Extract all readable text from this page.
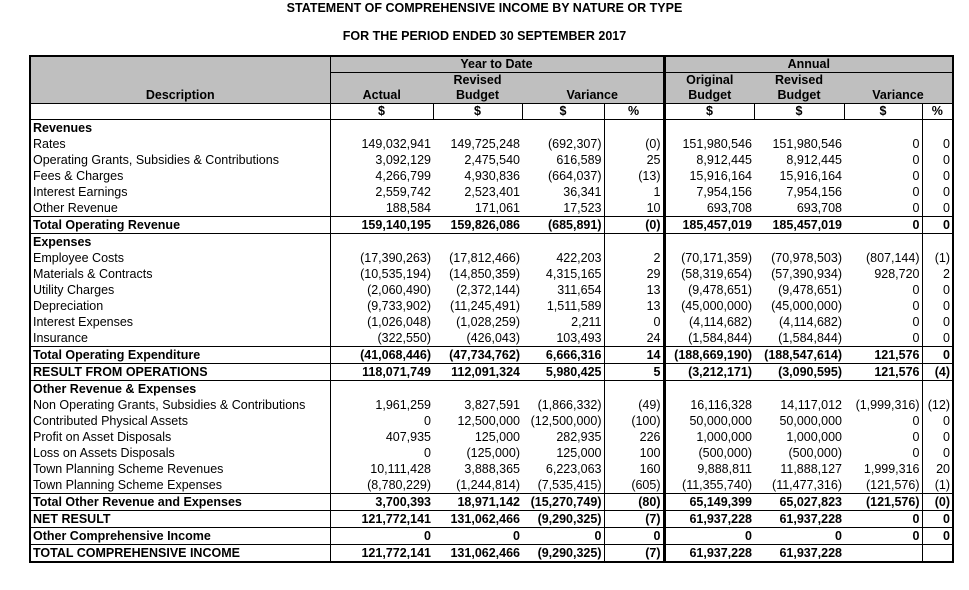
STATEMENT OF COMPREHENSIVE INCOME BY NATURE OR TYPE
FOR THE PERIOD ENDED 30 SEPTEMBER 2017
Description	Year to Date				Annual			
		Revised			Original	Revised		
	Actual	Budget	Variance		Budget	Budget	Variance	
	$	$	$	%	$	$	$	%
Revenues								
Rates	149,032,941	149,725,248	(692,307)	(0)	151,980,546	151,980,546	0	0
Operating Grants, Subsidies & Contributions	3,092,129	2,475,540	616,589	25	8,912,445	8,912,445	0	0
Fees & Charges	4,266,799	4,930,836	(664,037)	(13)	15,916,164	15,916,164	0	0
Interest Earnings	2,559,742	2,523,401	36,341	1	7,954,156	7,954,156	0	0
Other Revenue	188,584	171,061	17,523	10	693,708	693,708	0	0
Total Operating Revenue	159,140,195	159,826,086	(685,891)	(0)	185,457,019	185,457,019	0	0
Expenses								
Employee Costs	(17,390,263)	(17,812,466)	422,203	2	(70,171,359)	(70,978,503)	(807,144)	(1)
Materials & Contracts	(10,535,194)	(14,850,359)	4,315,165	29	(58,319,654)	(57,390,934)	928,720	2
Utility Charges	(2,060,490)	(2,372,144)	311,654	13	(9,478,651)	(9,478,651)	0	0
Depreciation	(9,733,902)	(11,245,491)	1,511,589	13	(45,000,000)	(45,000,000)	0	0
Interest Expenses	(1,026,048)	(1,028,259)	2,211	0	(4,114,682)	(4,114,682)	0	0
Insurance	(322,550)	(426,043)	103,493	24	(1,584,844)	(1,584,844)	0	0
Total Operating Expenditure	(41,068,446)	(47,734,762)	6,666,316	14	(188,669,190)	(188,547,614)	121,576	0
RESULT FROM OPERATIONS	118,071,749	112,091,324	5,980,425	5	(3,212,171)	(3,090,595)	121,576	(4)
Other Revenue & Expenses								
Non Operating Grants, Subsidies & Contributions	1,961,259	3,827,591	(1,866,332)	(49)	16,116,328	14,117,012	(1,999,316)	(12)
Contributed Physical Assets	0	12,500,000	(12,500,000)	(100)	50,000,000	50,000,000	0	0
Profit on Asset Disposals	407,935	125,000	282,935	226	1,000,000	1,000,000	0	0
Loss on Assets Disposals	0	(125,000)	125,000	100	(500,000)	(500,000)	0	0
Town Planning Scheme Revenues	10,111,428	3,888,365	6,223,063	160	9,888,811	11,888,127	1,999,316	20
Town Planning Scheme Expenses	(8,780,229)	(1,244,814)	(7,535,415)	(605)	(11,355,740)	(11,477,316)	(121,576)	(1)
Total Other Revenue and Expenses	3,700,393	18,971,142	(15,270,749)	(80)	65,149,399	65,027,823	(121,576)	(0)
NET RESULT	121,772,141	131,062,466	(9,290,325)	(7)	61,937,228	61,937,228	0	0
Other Comprehensive Income	0	0	0	0	0	0	0	0
TOTAL COMPREHENSIVE INCOME	121,772,141	131,062,466	(9,290,325)	(7)	61,937,228	61,937,228		
